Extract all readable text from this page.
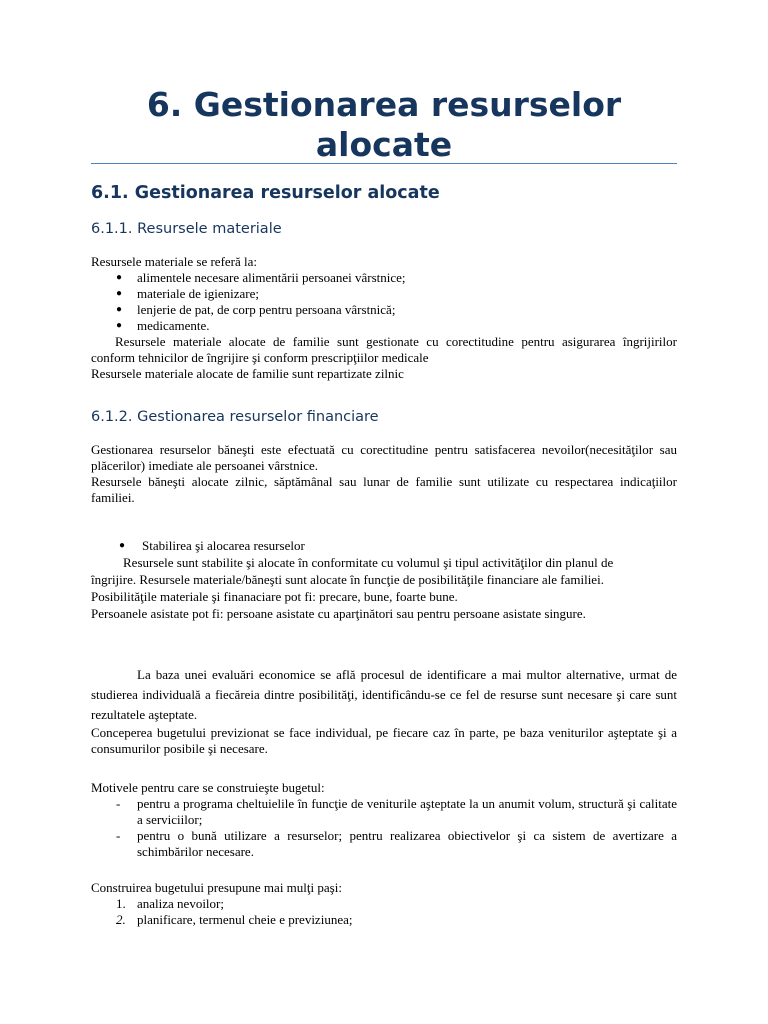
6. Gestionarea resurselor alocate
6.1. Gestionarea resurselor alocate
6.1.1. Resursele materiale

Resursele materiale se referă la:

● alimentele necesare alimentării persoanei vârstnice;
● materiale de igienizare;
● lenjerie de pat, de corp pentru persoana vârstnică;
● medicamente.

Resursele materiale alocate de familie sunt gestionate cu corectitudine pentru asigurarea îngrijirilor conform tehnicilor de îngrijire şi conform prescripţiilor medicale

Resursele materiale alocate de familie sunt repartizate zilnic

6.1.2. Gestionarea resurselor financiare

Gestionarea resurselor băneşti este efectuată cu corectitudine pentru satisfacerea nevoilor(necesităţilor sau plăcerilor) imediate ale persoanei vârstnice.

Resursele băneşti alocate zilnic, săptămânal sau lunar de familie sunt utilizate cu respectarea indicaţiilor familiei.

● Stabilirea şi alocarea resurselor

Resursele sunt stabilite şi alocate în conformitate cu volumul şi tipul activităţilor din planul de îngrijire. Resursele materiale/băneşti sunt alocate în funcţie de posibilităţile financiare ale familiei.

Posibilităţile materiale şi finanaciare pot fi: precare, bune, foarte bune.

Persoanele asistate pot fi: persoane asistate cu aparţinători sau pentru persoane asistate singure.

La baza unei evaluări economice se află procesul de identificare a mai multor alternative, urmat de studierea individuală a fiecăreia dintre posibilităţi, identificându-se ce fel de resurse sunt necesare şi care sunt rezultatele aşteptate.

Conceperea bugetului previzionat se face individual, pe fiecare caz în parte, pe baza veniturilor aşteptate şi a consumurilor posibile şi necesare.

Motivele pentru care se construieşte bugetul:

- pentru a programa cheltuielile în funcţie de veniturile aşteptate la un anumit volum, structură şi calitate a serviciilor;
- pentru o bună utilizare a resurselor; pentru realizarea obiectivelor şi ca sistem de avertizare a schimbărilor necesare.

Construirea bugetului presupune mai mulţi paşi:

1. analiza nevoilor;
2. planificare, termenul cheie e previziunea;
